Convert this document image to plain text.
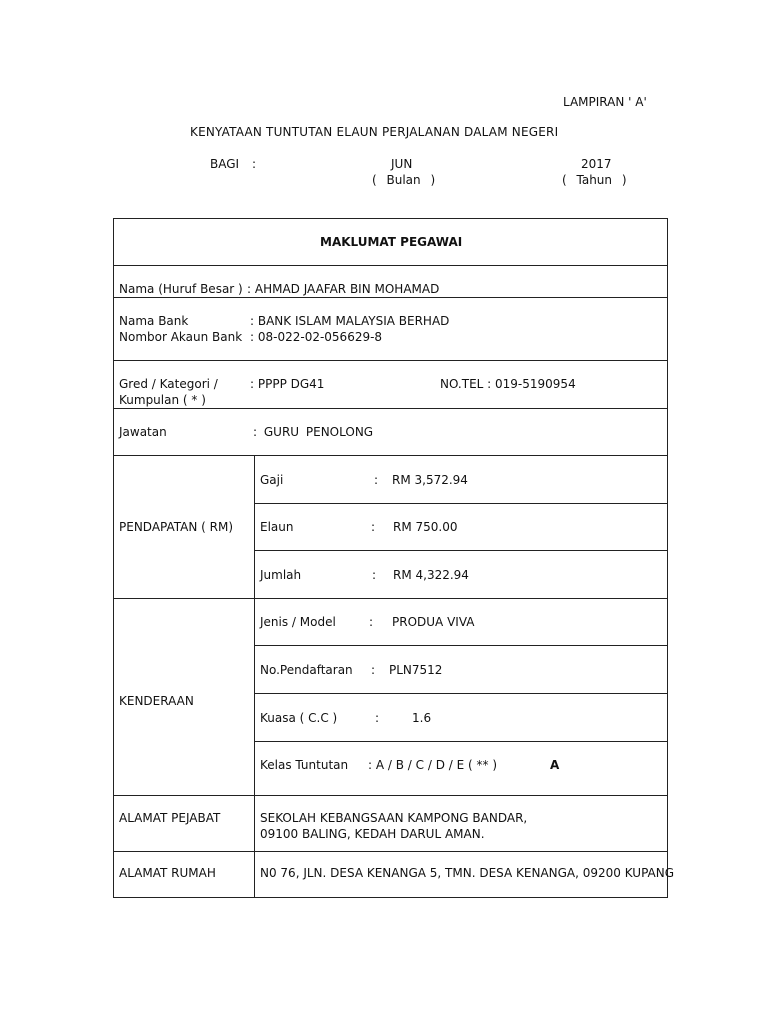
LAMPIRAN ' A'
KENYATAAN TUNTUTAN ELAUN PERJALANAN DALAM NEGERI
BAGI :	JUN
( Bulan )
2017
( Tahun )
MAKLUMAT PEGAWAI
Nama (Huruf Besar ) : AHMAD JAAFAR BIN MOHAMAD
Nama Bank	: BANK ISLAM MALAYSIA BERHAD
Nombor Akaun Bank : 08-022-02-056629-8
Gred / Kategori /
Kumpulan ( * )
: PPPP DG41	NO.TEL : 019-5190954
Jawatan	: GURU PENOLONG
PENDAPATAN ( RM)
Gaji	: RM 3,572.94
Elaun	: RM 750.00
Jumlah	: RM 4,322.94
KENDERAAN
Jenis / Model	: PRODUA VIVA
No.Pendaftaran : PLN7512
Kuasa ( C.C )	:	1.6
Kelas Tuntutan : A / B / C / D / E ( ** )	A
ALAMAT PEJABAT	SEKOLAH KEBANGSAAN KAMPONG BANDAR,
09100 BALING, KEDAH DARUL AMAN.
ALAMAT RUMAH	N0 76, JLN. DESA KENANGA 5, TMN. DESA KENANGA, 09200 KUPANG
